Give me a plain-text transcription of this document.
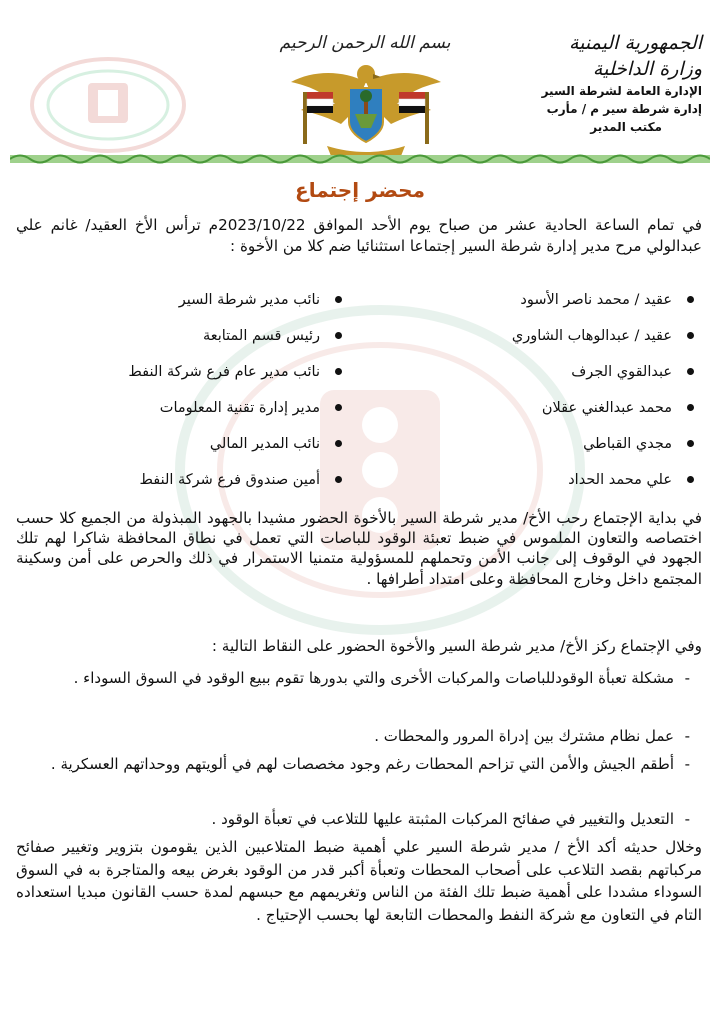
الجمهورية اليمنية
وزارة الداخلية
الإدارة العامة لشرطة السير
إدارة شرطة سير م / مأرب
مكتب المدير
بسم الله الرحمن الرحيم
محضر إجتماع
في تمام الساعة الحادية عشر من صباح يوم الأحد الموافق 2023/10/22م ترأس الأخ العقيد/ غانم علي عبدالولي مرح مدير إدارة شرطة السير إجتماعا استثنائيا ضم كلا من الأخوة :
عقيد / محمد ناصر الأسود
عقيد / عبدالوهاب الشاوري
عبدالقوي الجرف
محمد عبدالغني عقلان
مجدي القباطي
علي محمد الحداد
نائب مدير شرطة السير
رئيس قسم المتابعة
نائب مدير عام فرع شركة النفط
مدير إدارة تقنية المعلومات
نائب المدير المالي
أمين صندوق فرع شركة النفط
في بداية الإجتماع رحب الأخ/ مدير شرطة السير بالأخوة الحضور مشيدا بالجهود المبذولة من الجميع كلا حسب اختصاصه والتعاون الملموس في ضبط تعبئة الوقود للباصات التي تعمل في نطاق المحافظة شاكرا لهم تلك الجهود في الوقوف إلى جانب الأمن وتحملهم للمسؤولية متمنيا الاستمرار في ذلك والحرص على أمن وسكينة المجتمع داخل وخارج المحافظة وعلى امتداد أطرافها .
وفي الإجتماع ركز الأخ/ مدير شرطة السير والأخوة الحضور على النقاط التالية :
-
مشكلة تعبأة الوقودللباصات والمركبات الأخرى والتي بدورها تقوم ببيع الوقود في السوق السوداء .
-
عمل نظام مشترك بين إدراة المرور والمحطات .
-
أطقم الجيش والأمن التي تزاحم المحطات رغم وجود مخصصات لهم في ألويتهم ووحداتهم العسكرية .
-
التعديل والتغيير في صفائح المركبات المثبتة عليها للتلاعب في تعبأة الوقود .
وخلال حديثه أكد الأخ / مدير شرطة السير علي أهمية ضبط المتلاعبين الذين يقومون بتزوير وتغيير صفائح مركباتهم بقصد التلاعب على أصحاب المحطات وتعبأة أكبر قدر من الوقود بغرض بيعه والمتاجرة به في السوق السوداء مشددا على أهمية ضبط تلك الفئة من الناس وتغريمهم مع حبسهم لمدة حسب القانون مبديا استعداده التام في التعاون مع شركة النفط والمحطات التابعة لها بحسب الإحتياج .
